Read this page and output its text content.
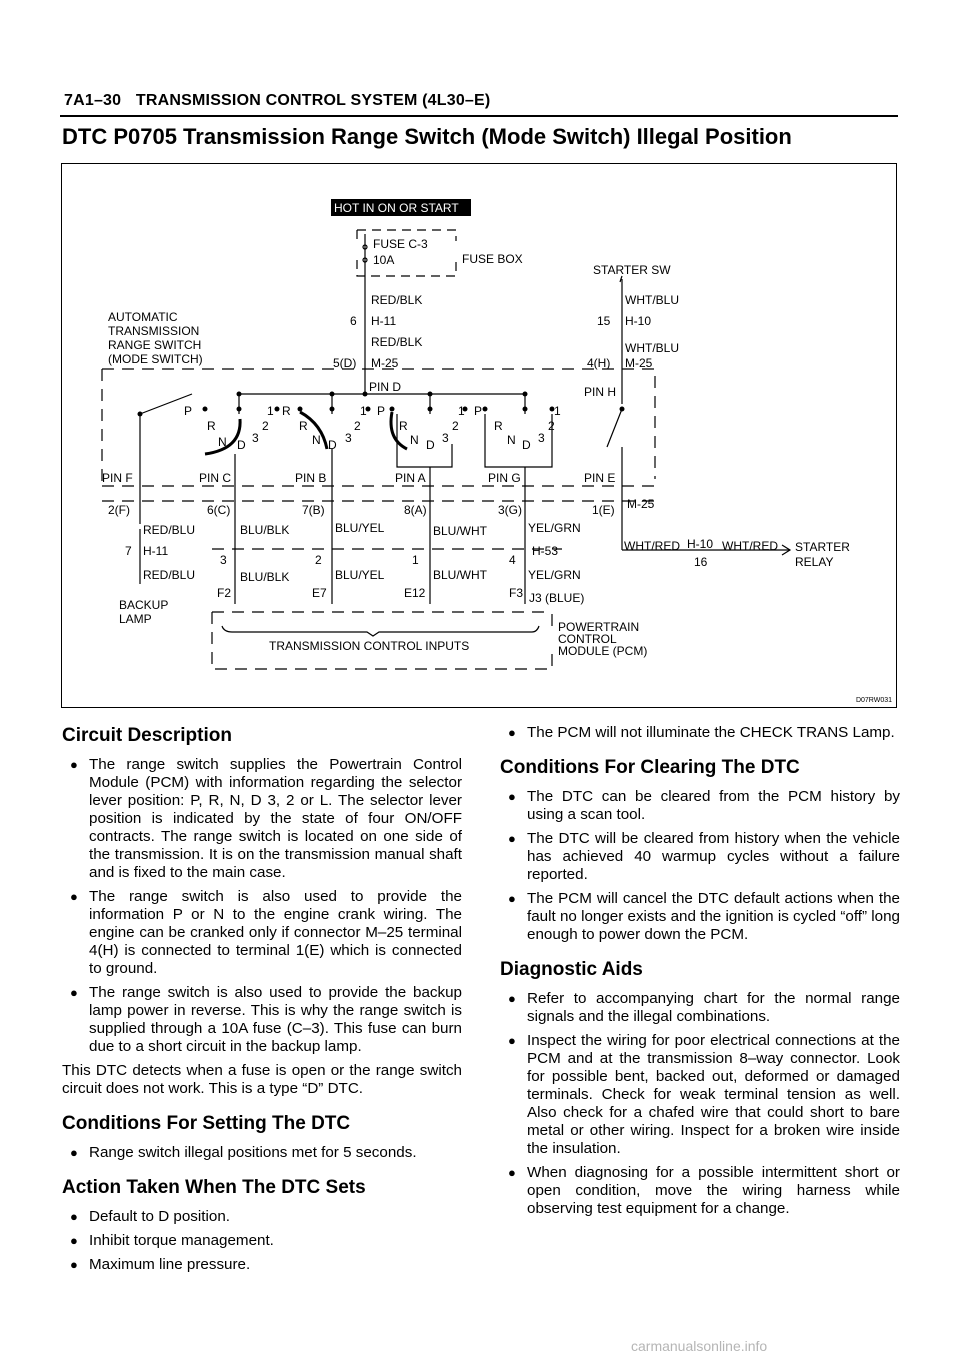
7A1–30 TRANSMISSION CONTROL SYSTEM (4L30–E)
DTC P0705 Transmission Range Switch (Mode Switch) Illegal Position
HOT IN ON OR START
FUSE C-3
10A	FUSE BOX
STARTER SW
RED/BLK
6 H-11
RED/BLK
5(D) M-25
PIN D
WHT/BLU
15 H-10
WHT/BLU
4(H) M-25
PIN H
AUTOMATIC
TRANSMISSION
RANGE SWITCH
(MODE SWITCH)
P
R
N D 3
2
1 R
R
N D 3
2
1 P
R
N D 3
2
1 P
R
N D 3
2
1
PIN F	PIN C	PIN B	PIN A	PIN G	PIN E
2(F)	6(C)	7(B)	8(A)	3(G)	1(E) M-25
RED/BLU	BLU/BLK	BLU/YEL	BLU/WHT	YEL/GRN
7 H-11
3	2	1	4
H-53	WHT/RED H-10
16
WHT/RED STARTER
RELAY
RED/BLU	BLU/BLK	BLU/YEL	BLU/WHT	YEL/GRN
F2	E7	E12	F3 J3 (BLUE)
BACKUP
LAMP
TRANSMISSION CONTROL INPUTS
POWERTRAIN
CONTROL
MODULE (PCM)
D07RW031
Circuit Description
● The range switch supplies the Powertrain Control Module (PCM) with information regarding the selector lever position: P, R, N, D 3, 2 or L. The selector lever position is indicated by the state of four ON/OFF contracts. The range switch is located on one side of the transmission. It is on the transmission manual shaft and is fixed to the main case.
● The range switch is also used to provide the information P or N to the engine crank wiring. The engine can be cranked only if connector M–25 terminal 4(H) is connected to terminal 1(E) which is connected to ground.
● The range switch is also used to provide the backup lamp power in reverse. This is why the range switch is supplied through a 10A fuse (C–3). This fuse can burn due to a short circuit in the backup lamp.

This DTC detects when a fuse is open or the range switch circuit does not work. This is a type “D” DTC.

Conditions For Setting The DTC
● Range switch illegal positions met for 5 seconds.
Action Taken When The DTC Sets
● Default to D position.
● Inhibit torque management.
● Maximum line pressure.
● The PCM will not illuminate the CHECK TRANS Lamp.
Conditions For Clearing The DTC
● The DTC can be cleared from the PCM history by using a scan tool.
● The DTC will be cleared from history when the vehicle has achieved 40 warmup cycles without a failure reported.
● The PCM will cancel the DTC default actions when the fault no longer exists and the ignition is cycled “off” long enough to power down the PCM.
Diagnostic Aids
● Refer to accompanying chart for the normal range signals and the illegal combinations.
● Inspect the wiring for poor electrical connections at the PCM and at the transmission 8–way connector. Look for possible bent, backed out, deformed or damaged terminals. Check for weak terminal tension as well. Also check for a chafed wire that could short to bare metal or other wiring. Inspect for a broken wire inside the insulation.
● When diagnosing for a possible intermittent short or open condition, move the wiring harness while observing test equipment for a change.
carmanualsonline.info
